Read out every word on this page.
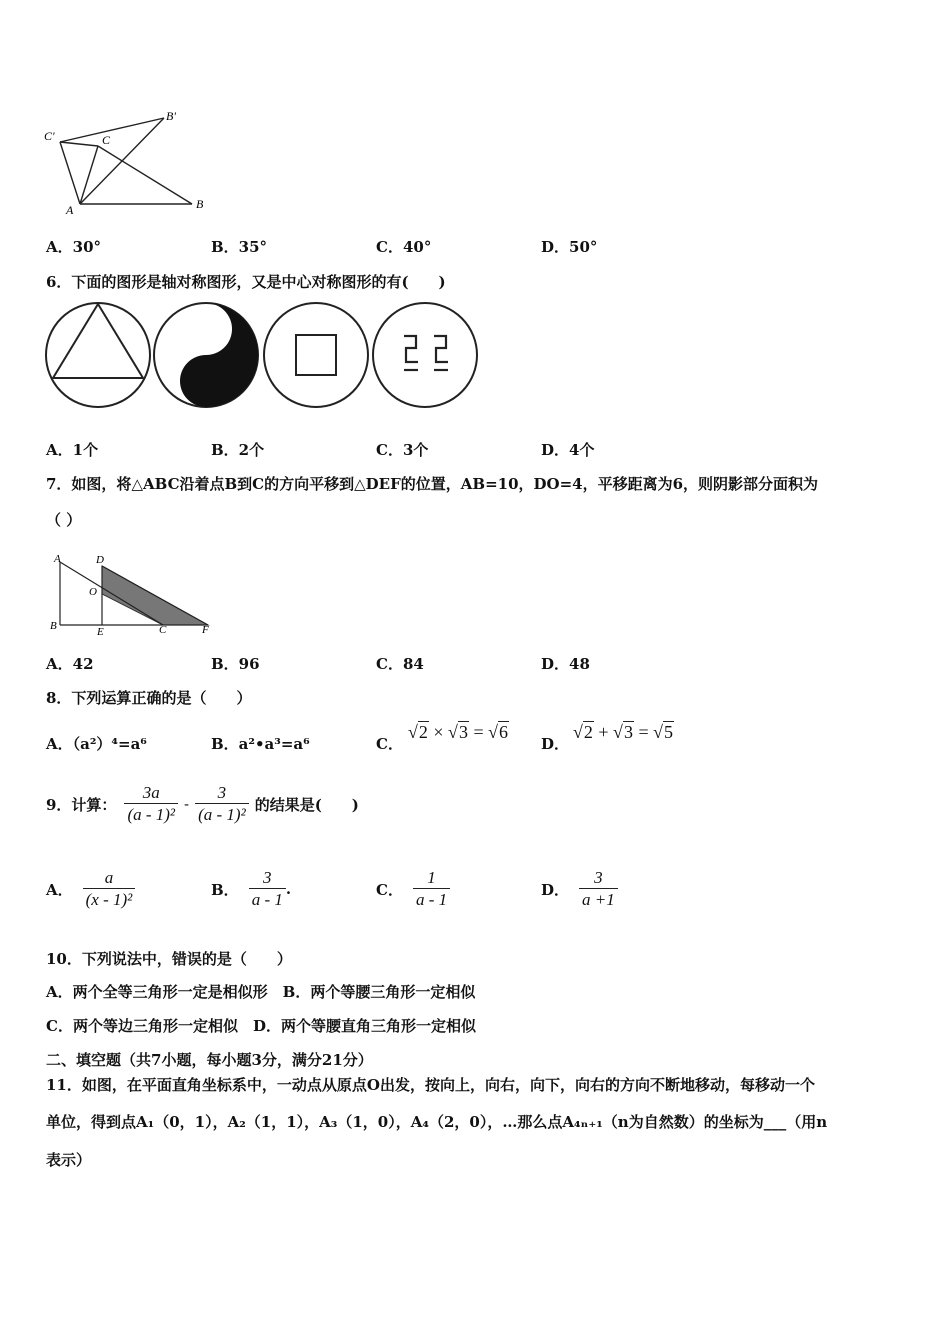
C'
B'
C
A	B
A．30°	B．35°	C．40°	D．50°
6．下面的图形是轴对称图形，又是中心对称图形的有(　　)
A．1个	B．2个	C．3个	D．4个
7．如图，将△ABC沿着点B到C的方向平移到△DEF的位置，AB=10，DO=4，平移距离为6，则阴影部分面积为
（ ）
A	D
O
B	E	C	F
A．42	B．96	C．84	D．48
8．下列运算正确的是（　　）
A．（a²）⁴=a⁶	B．a²•a³=a⁶	C．
√2 × √3 = √6
D．
√2 + √3 = √5
9．计算： $\frac{3a}{\text{(a - 1)²}} - \frac{3}{\text{(a - 1)²}}$ 的结果是(　　)
A． $\frac{a}{\text{(x - 1)²}}$	B． $\frac{3}{a - 1}$ .	C． $\frac{1}{a - 1}$	D． $\frac{3}{a +1}$
10．下列说法中，错误的是（　　）
A．两个全等三角形一定是相似形　B．两个等腰三角形一定相似
C．两个等边三角形一定相似　D．两个等腰直角三角形一定相似
二、填空题（共7小题，每小题3分，满分21分）
11．如图，在平面直角坐标系中，一动点从原点O出发，按向上，向右，向下，向右的方向不断地移动，每移动一个
单位，得到点A₁（0，1），A₂（1，1），A₃（1，0），A₄（2，0），…那么点A₄ₙ₊₁（n为自然数）的坐标为___（用n
表示）
